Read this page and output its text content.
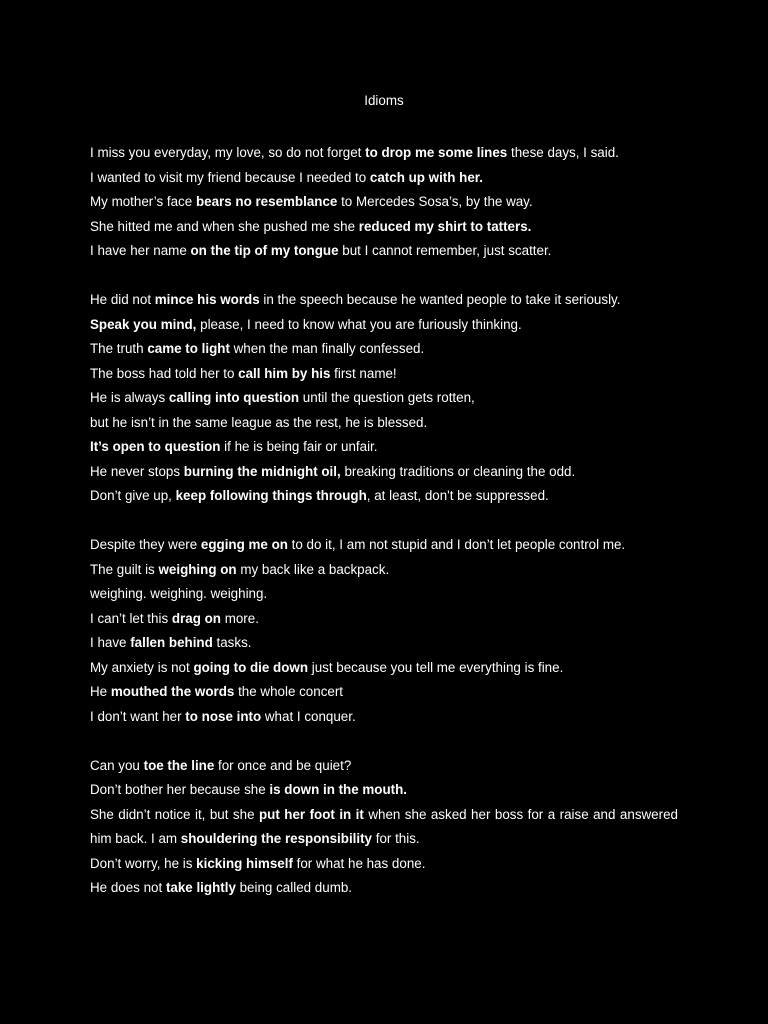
Idioms
I miss you everyday, my love, so do not forget to drop me some lines these days, I said.
I wanted to visit my friend because I needed to catch up with her.
My mother’s face bears no resemblance to Mercedes Sosa’s, by the way.
She hitted me and when she pushed me she reduced my shirt to tatters.
I have her name on the tip of my tongue but I cannot remember, just scatter.
He did not mince his words in the speech because he wanted people to take it seriously.
Speak you mind, please, I need to know what you are furiously thinking.
The truth came to light when the man finally confessed.
The boss had told her to call him by his first name!
He is always calling into question until the question gets rotten,
but he isn’t in the same league as the rest, he is blessed.
It’s open to question if he is being fair or unfair.
He never stops burning the midnight oil, breaking traditions or cleaning the odd.
Don’t give up, keep following things through, at least, don't be suppressed.
Despite they were egging me on to do it, I am not stupid and I don’t let people control me.
The guilt is weighing on my back like a backpack.
weighing. weighing. weighing.
I can’t let this drag on more.
I have fallen behind tasks.
My anxiety is not going to die down just because you tell me everything is fine.
He mouthed the words the whole concert
I don’t want her to nose into what I conquer.
Can you toe the line for once and be quiet?
Don’t bother her because she is down in the mouth.
She didn’t notice it, but she put her foot in it when she asked her boss for a raise and answered him back. I am shouldering the responsibility for this.
Don’t worry, he is kicking himself for what he has done.
He does not take lightly being called dumb.
